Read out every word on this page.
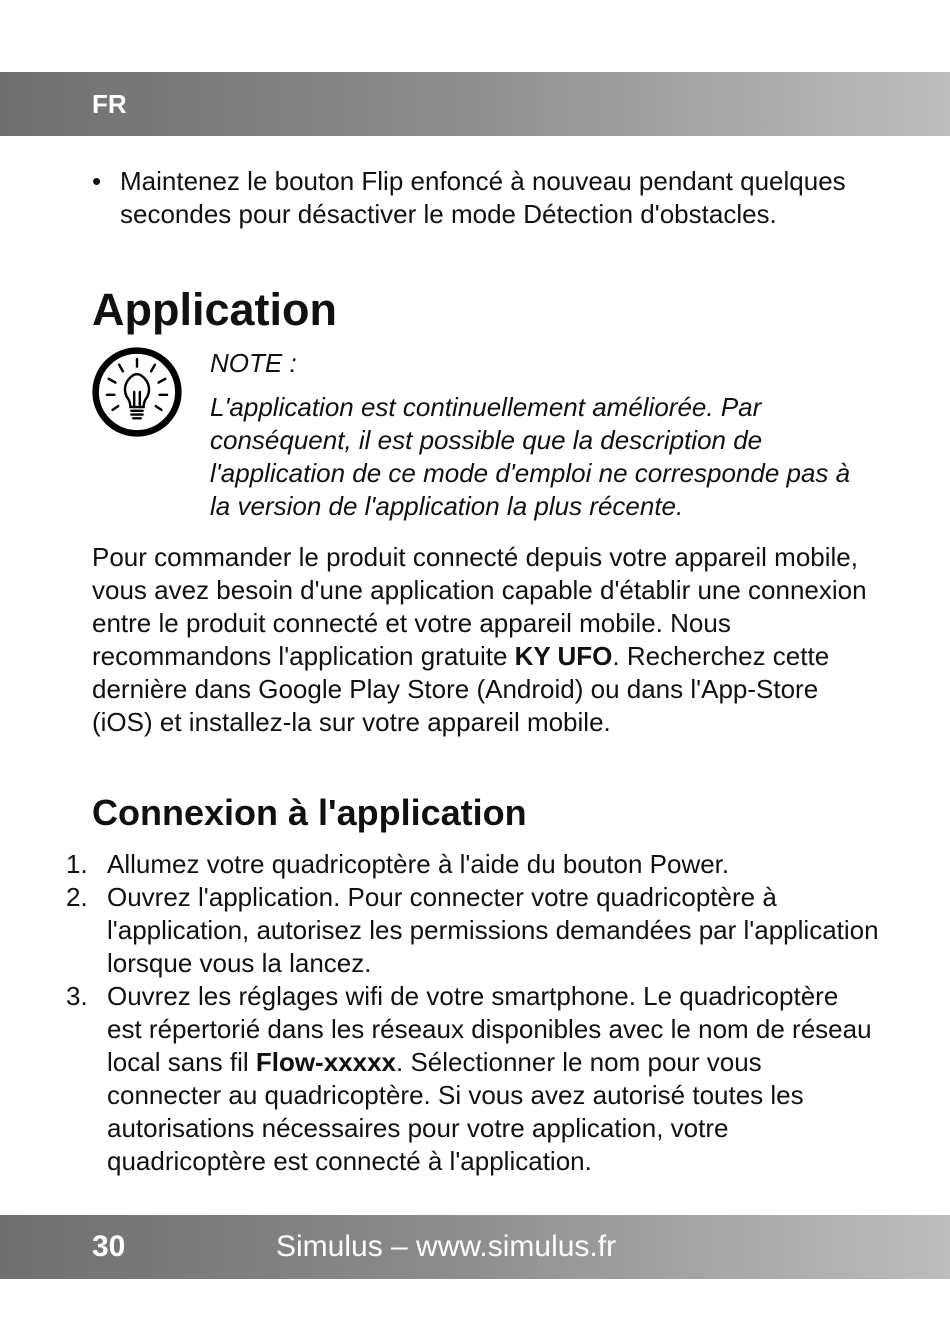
FR
• Maintenez le bouton Flip enfoncé à nouveau pendant quelques secondes pour désactiver le mode Détection d'obstacles.
Application
NOTE :
L'application est continuellement améliorée. Par conséquent, il est possible que la description de l'application de ce mode d'emploi ne corresponde pas à la version de l'application la plus récente.
Pour commander le produit connecté depuis votre appareil mobile, vous avez besoin d'une application capable d'établir une connexion entre le produit connecté et votre appareil mobile. Nous recommandons l'application gratuite KY UFO. Recherchez cette dernière dans Google Play Store (Android) ou dans l'App-Store (iOS) et installez-la sur votre appareil mobile.
Connexion à l'application
1. Allumez votre quadricoptère à l'aide du bouton Power.
2. Ouvrez l'application. Pour connecter votre quadricoptère à l'application, autorisez les permissions demandées par l'application lorsque vous la lancez.
3. Ouvrez les réglages wifi de votre smartphone. Le quadricoptère est répertorié dans les réseaux disponibles avec le nom de réseau local sans fil Flow-xxxxx. Sélectionner le nom pour vous connecter au quadricoptère. Si vous avez autorisé toutes les autorisations nécessaires pour votre application, votre quadricoptère est connecté à l'application.
30	Simulus – www.simulus.fr
